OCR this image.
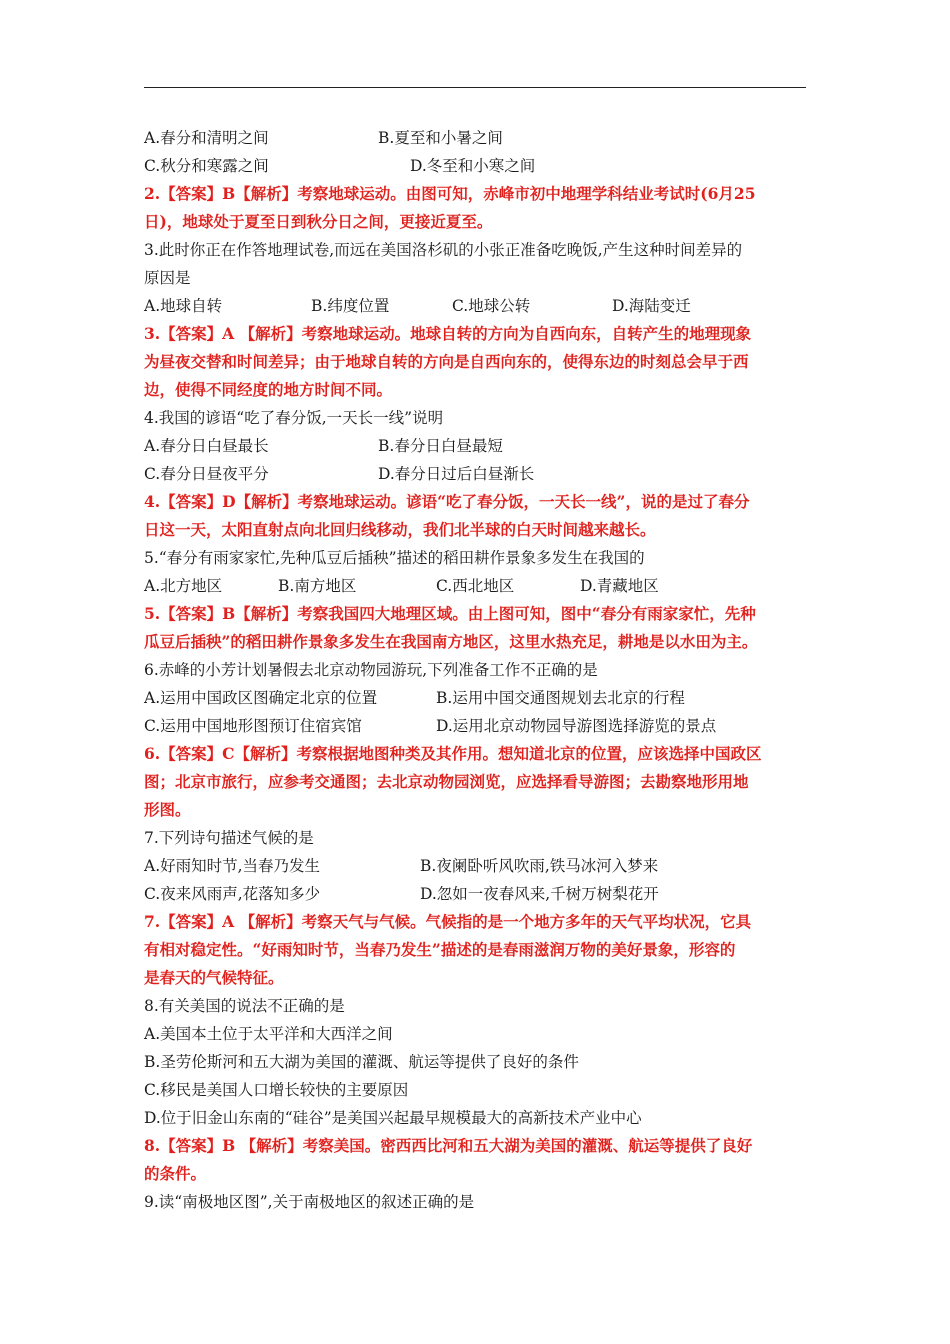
A.春分和清明之间	B.夏至和小暑之间
C.秋分和寒露之间	D.冬至和小寒之间
2.【答案】B【解析】考察地球运动。由图可知，赤峰市初中地理学科结业考试时(6月25
日)，地球处于夏至日到秋分日之间，更接近夏至。
3.此时你正在作答地理试卷,而远在美国洛杉矶的小张正准备吃晚饭,产生这种时间差异的
原因是
A.地球自转	B.纬度位置	C.地球公转	D.海陆变迁
3.【答案】A 【解析】考察地球运动。地球自转的方向为自西向东，自转产生的地理现象
为昼夜交替和时间差异；由于地球自转的方向是自西向东的，使得东边的时刻总会早于西
边，使得不同经度的地方时间不同。
4.我国的谚语“吃了春分饭,一天长一线”说明
A.春分日白昼最长	B.春分日白昼最短
C.春分日昼夜平分	D.春分日过后白昼渐长
4.【答案】D【解析】考察地球运动。谚语“吃了春分饭，一天长一线”，说的是过了春分
日这一天，太阳直射点向北回归线移动，我们北半球的白天时间越来越长。
5.“春分有雨家家忙,先种瓜豆后插秧”描述的稻田耕作景象多发生在我国的
A.北方地区	B.南方地区	C.西北地区	D.青藏地区
5.【答案】B【解析】考察我国四大地理区域。由上图可知，图中“春分有雨家家忙，先种
瓜豆后插秧”的稻田耕作景象多发生在我国南方地区，这里水热充足，耕地是以水田为主。
6.赤峰的小芳计划暑假去北京动物园游玩,下列准备工作不正确的是
A.运用中国政区图确定北京的位置	B.运用中国交通图规划去北京的行程
C.运用中国地形图预订住宿宾馆	D.运用北京动物园导游图选择游览的景点
6.【答案】C【解析】考察根据地图种类及其作用。想知道北京的位置，应该选择中国政区
图；北京市旅行，应参考交通图；去北京动物园浏览，应选择看导游图；去勘察地形用地
形图。
7.下列诗句描述气候的是
A.好雨知时节,当春乃发生	B.夜阑卧听风吹雨,铁马冰河入梦来
C.夜来风雨声,花落知多少	D.忽如一夜春风来,千树万树梨花开
7.【答案】A 【解析】考察天气与气候。气候指的是一个地方多年的天气平均状况，它具
有相对稳定性。“好雨知时节，当春乃发生”描述的是春雨滋润万物的美好景象，形容的
是春天的气候特征。
8.有关美国的说法不正确的是
A.美国本土位于太平洋和大西洋之间
B.圣劳伦斯河和五大湖为美国的灌溉、航运等提供了良好的条件
C.移民是美国人口增长较快的主要原因
D.位于旧金山东南的“硅谷”是美国兴起最早规模最大的高新技术产业中心
8.【答案】B 【解析】考察美国。密西西比河和五大湖为美国的灌溉、航运等提供了良好
的条件。
9.读“南极地区图”,关于南极地区的叙述正确的是
